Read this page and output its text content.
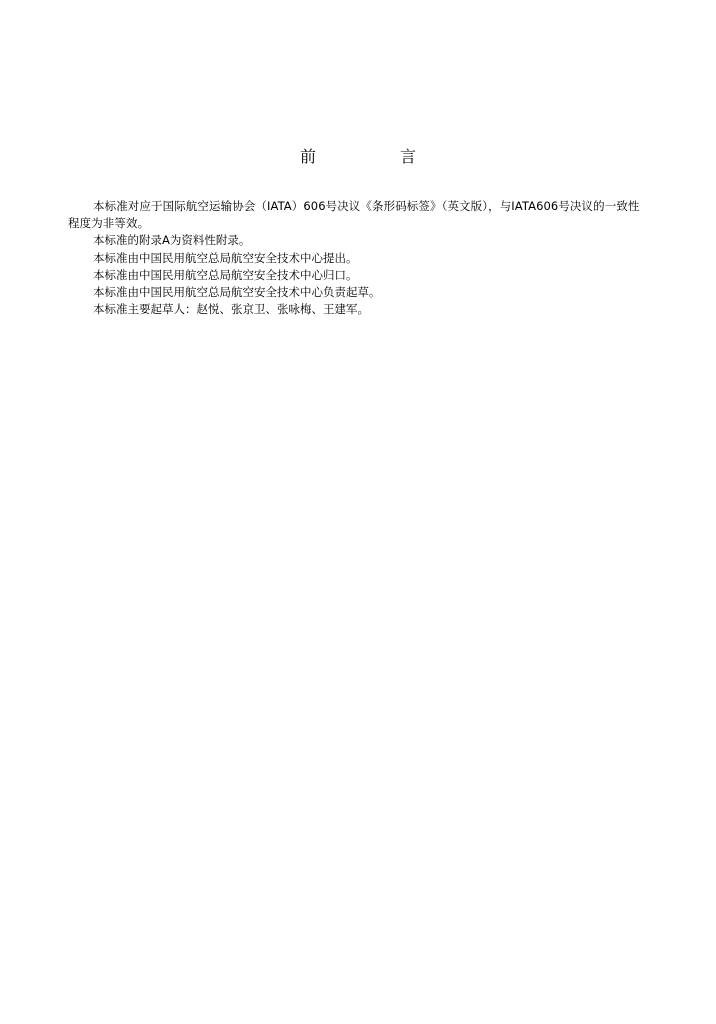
前　言

本标准对应于国际航空运输协会（IATA）606号决议《条形码标签》（英文版），与IATA606号决议的一致性程度为非等效。

本标准的附录A为资料性附录。

本标准由中国民用航空总局航空安全技术中心提出。

本标准由中国民用航空总局航空安全技术中心归口。

本标准由中国民用航空总局航空安全技术中心负责起草。

本标准主要起草人：赵悦、张京卫、张咏梅、王建军。
